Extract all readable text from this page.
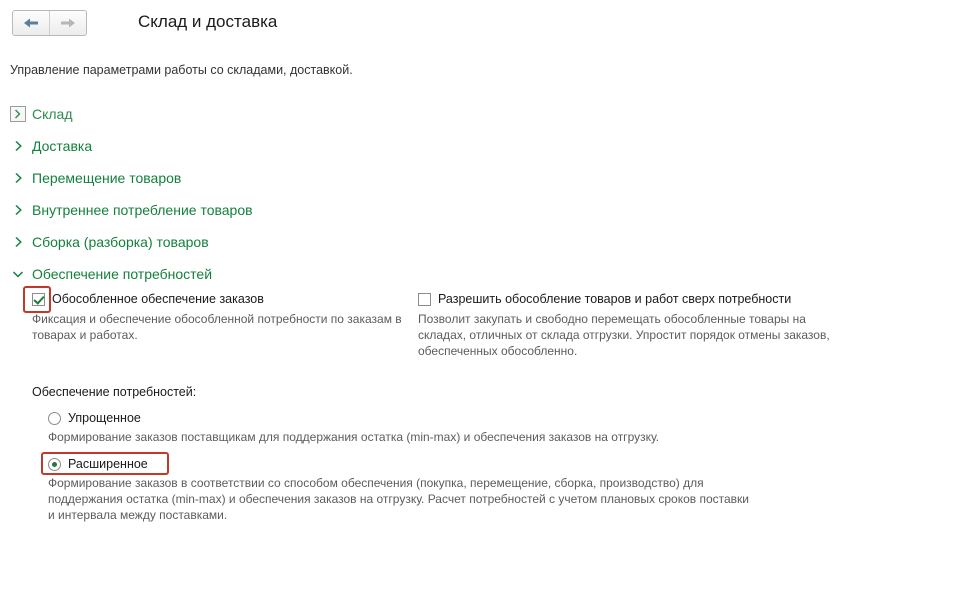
Склад и доставка
Управление параметрами работы со складами, доставкой.
Склад
Доставка
Перемещение товаров
Внутреннее потребление товаров
Сборка (разборка) товаров
Обеспечение потребностей
Обособленное обеспечение заказов
Фиксация и обеспечение обособленной потребности по заказам в товарах и работах.
Разрешить обособление товаров и работ сверх потребности
Позволит закупать и свободно перемещать обособленные товары на складах, отличных от склада отгрузки. Упростит порядок отмены заказов, обеспеченных обособленно.
Обеспечение потребностей:
Упрощенное
Формирование заказов поставщикам для поддержания остатка (min-max) и обеспечения заказов на отгрузку.
Расширенное
Формирование заказов в соответствии со способом обеспечения (покупка, перемещение, сборка, производство) для поддержания остатка (min-max) и обеспечения заказов на отгрузку. Расчет потребностей с учетом плановых сроков поставки и интервала между поставками.
